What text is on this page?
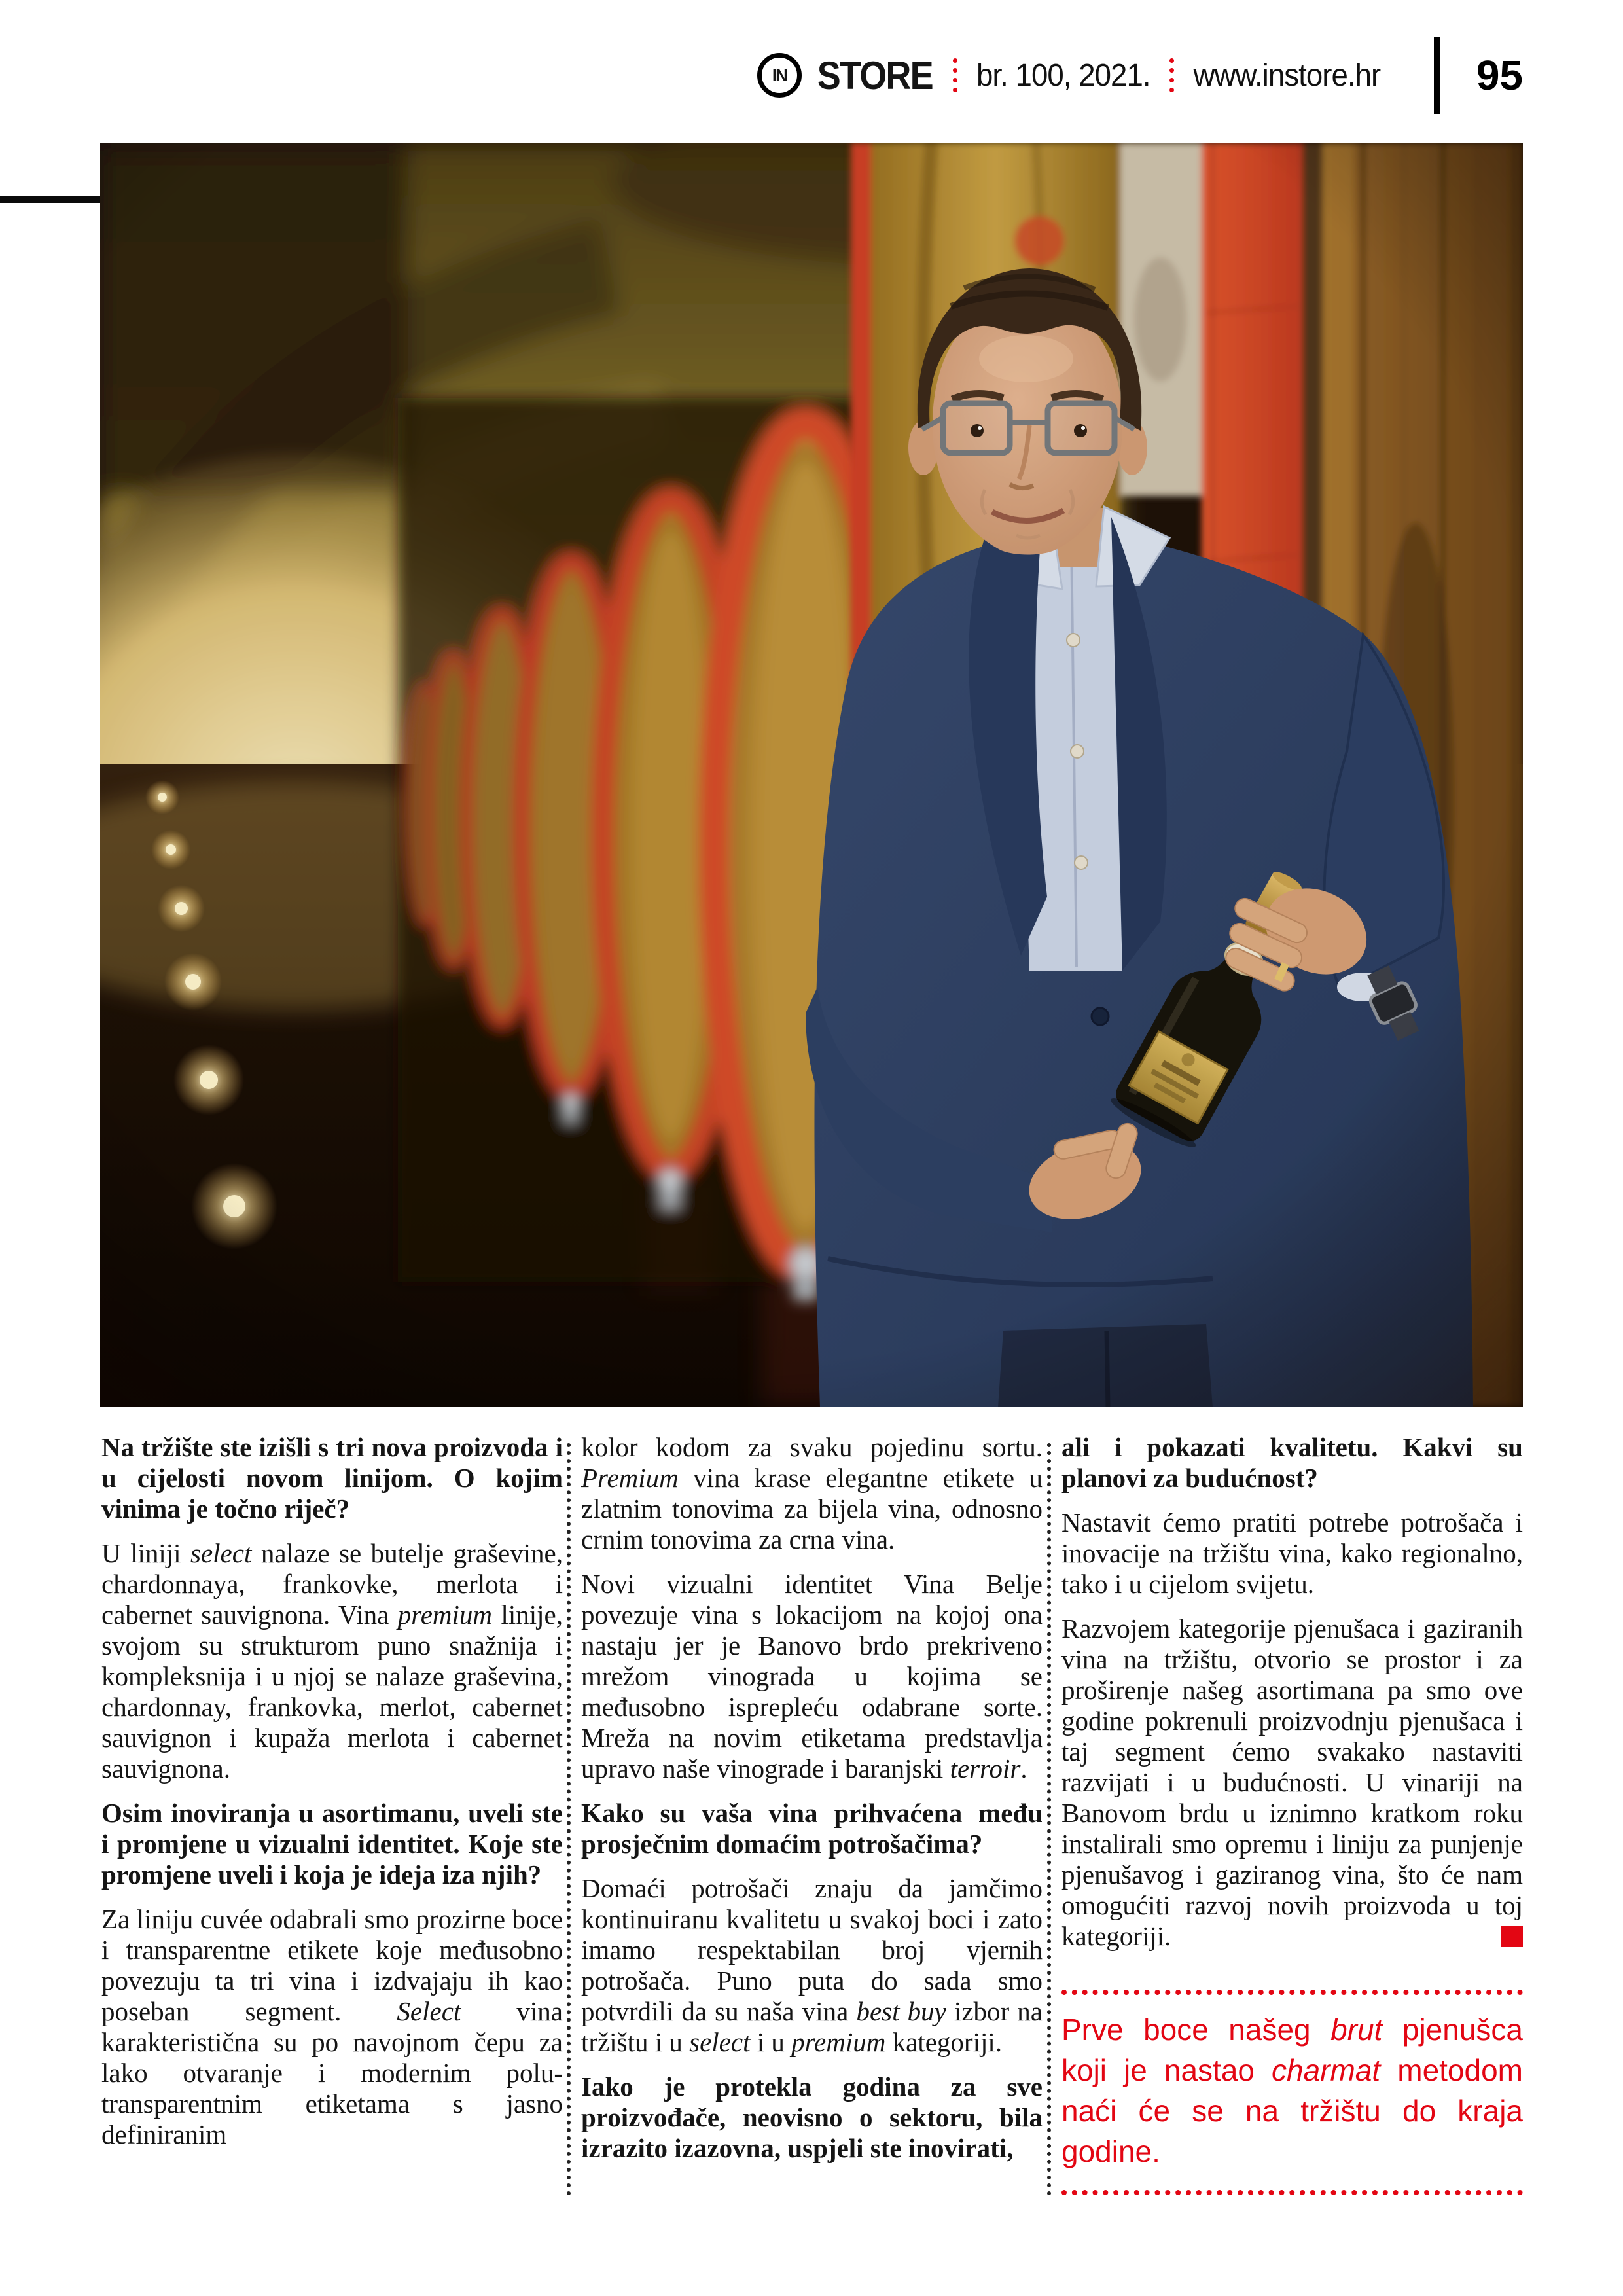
IN STORE br. 100, 2021. www.instore.hr 95

Na tržište ste izišli s tri nova proizvoda i u cijelosti novom linijom. O kojim vinima je točno riječ?

U liniji select nalaze se butelje graševine, chardonnaya, frankovke, merlota i cabernet sauvignona. Vina premium linije, svojom su strukturom puno snažnija i kompleksnija i u njoj se nalaze graševina, chardonnay, frankovka, merlot, cabernet sauvignon i kupaža merlota i cabernet sauvignona.

Osim inoviranja u asortimanu, uveli ste i promjene u vizualni identitet. Koje ste promjene uveli i koja je ideja iza njih?

Za liniju cuvée odabrali smo prozirne boce i transparentne etikete koje međusobno povezuju ta tri vina i izdvajaju ih kao poseban segment. Select vina karakteristična su po navojnom čepu za lako otvaranje i modernim polu-transparentnim etiketama s jasno definiranim

kolor kodom za svaku pojedinu sortu. Premium vina krase elegantne etikete u zlatnim tonovima za bijela vina, odnosno crnim tonovima za crna vina.

Novi vizualni identitet Vina Belje povezuje vina s lokacijom na kojoj ona nastaju jer je Banovo brdo prekriveno mrežom vinograda u kojima se međusobno isprepleću odabrane sorte. Mreža na novim etiketama predstavlja upravo naše vinograde i baranjski terroir.

Kako su vaša vina prihvaćena među prosječnim domaćim potrošačima?

Domaći potrošači znaju da jamčimo kontinuiranu kvalitetu u svakoj boci i zato imamo respektabilan broj vjernih potrošača. Puno puta do sada smo potvrdili da su naša vina best buy izbor na tržištu i u select i u premium kategoriji.

Iako je protekla godina za sve proizvođače, neovisno o sektoru, bila izrazito izazovna, uspjeli ste inovirati,

ali i pokazati kvalitetu. Kakvi su planovi za budućnost?

Nastavit ćemo pratiti potrebe potrošača i inovacije na tržištu vina, kako regionalno, tako i u cijelom svijetu.

Razvojem kategorije pjenušaca i gaziranih vina na tržištu, otvorio se prostor i za proširenje našeg asortimana pa smo ove godine pokrenuli proizvodnju pjenušaca i taj segment ćemo svakako nastaviti razvijati i u budućnosti. U vinariji na Banovom brdu u iznimno kratkom roku instalirali smo opremu i liniju za punjenje pjenušavog i gaziranog vina, što će nam omogućiti razvoj novih proizvoda u toj kategoriji.

Prve boce našeg brut pjenušca koji je nastao charmat metodom naći će se na tržištu do kraja godine.
